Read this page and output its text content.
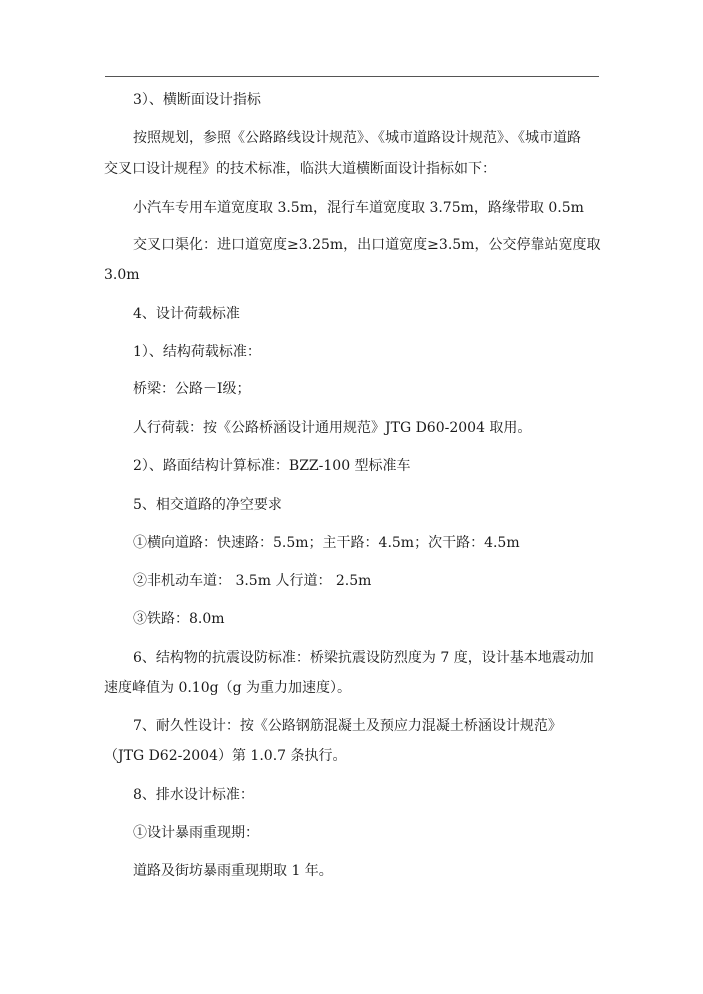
3）、横断面设计指标
按照规划，参照《公路路线设计规范》、《城市道路设计规范》、《城市道路
交叉口设计规程》的技术标准，临洪大道横断面设计指标如下：
小汽车专用车道宽度取 3.5m，混行车道宽度取 3.75m，路缘带取 0.5m
交叉口渠化：进口道宽度≥3.25m，出口道宽度≥3.5m，公交停靠站宽度取
3.0m
4、设计荷载标准
1）、结构荷载标准：
桥梁：公路－Ⅰ级；
人行荷载：按《公路桥涵设计通用规范》JTG D60-2004 取用。
2）、路面结构计算标准：BZZ-100 型标准车
5、相交道路的净空要求
①横向道路：快速路：5.5m；主干路：4.5m；次干路：4.5m
②非机动车道： 3.5m 人行道： 2.5m
③铁路：8.0m
6、结构物的抗震设防标准：桥梁抗震设防烈度为 7 度，设计基本地震动加
速度峰值为 0.10g（g 为重力加速度）。
7、耐久性设计：按《公路钢筋混凝土及预应力混凝土桥涵设计规范》
（JTG D62-2004）第 1.0.7 条执行。
8、排水设计标准：
①设计暴雨重现期：
道路及街坊暴雨重现期取 1 年。
